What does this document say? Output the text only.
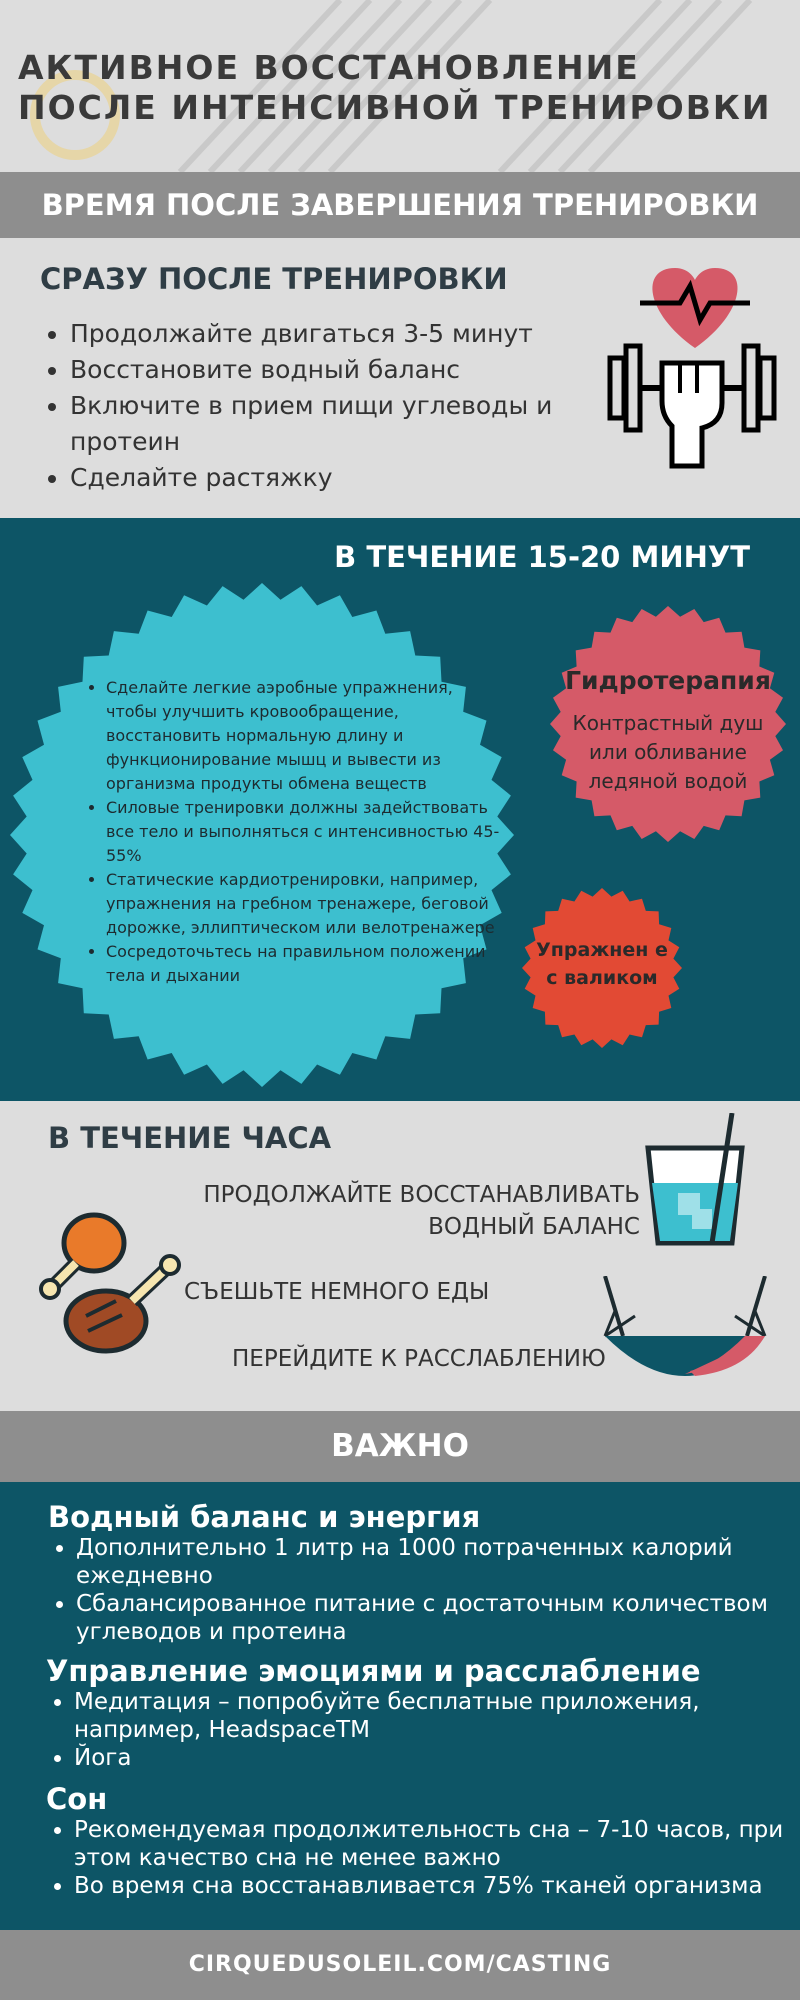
АКТИВНОЕ ВОССТАНОВЛЕНИЕ
ПОСЛЕ ИНТЕНСИВНОЙ ТРЕНИРОВКИ
ВРЕМЯ ПОСЛЕ ЗАВЕРШЕНИЯ ТРЕНИРОВКИ
СРАЗУ ПОСЛЕ ТРЕНИРОВКИ
• Продолжайте двигаться 3-5 минут
• Восстановите водный баланс
• Включите в прием пищи углеводы и протеин
• Сделайте растяжку
В ТЕЧЕНИЕ 15-20 МИНУТ
• Сделайте легкие аэробные упражнения, чтобы улучшить кровообращение, восстановить нормальную длину и функционирование мышц и вывести из организма продукты обмена веществ
• Силовые тренировки должны задействовать все тело и выполняться с интенсивностью 45-55%
• Статические кардиотренировки, например, упражнения на гребном тренажере, беговой дорожке, эллиптическом или велотренажере
• Сосредоточьтесь на правильном положении тела и дыхании
Гидротерапия
Контрастный душ или обливание ледяной водой
Упражнен е с валиком
В ТЕЧЕНИЕ ЧАСА
ПРОДОЛЖАЙТЕ ВОССТАНАВЛИВАТЬ
ВОДНЫЙ БАЛАНС
СЪЕШЬТЕ НЕМНОГО ЕДЫ
ПЕРЕЙДИТЕ К РАССЛАБЛЕНИЮ
ВАЖНО
Водный баланс и энергия
• Дополнительно 1 литр на 1000 потраченных калорий ежедневно
• Сбалансированное питание с достаточным количеством углеводов и протеина
Управление эмоциями и расслабление
• Медитация – попробуйте бесплатные приложения, например, HeadspaceTM
• Йога
Сон
• Рекомендуемая продолжительность сна – 7-10 часов, при этом качество сна не менее важно
• Во время сна восстанавливается 75% тканей организма
CIRQUEDUSOLEIL.COM/CASTING
